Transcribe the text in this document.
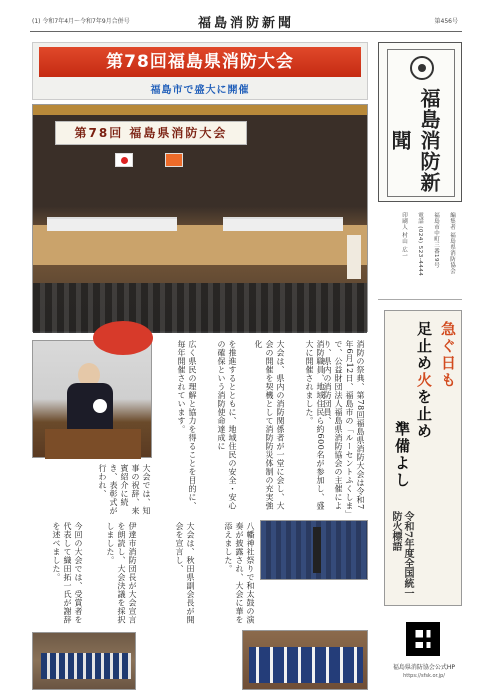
(1) 令和7年4月～令和7年9月合併号	福島消防新聞	第456号
第78回福島県消防大会
福島市で盛大に開催
第78回 福島県消防大会
消防の祭典、第78回福島県消防大会は令和7年6月12日、福島市の「ルーセントふくしま」で、公益財団法人福島県消防協会の主催により、県内の消防団員、
消防職員、地域住民ら約600名が参加し、盛大に開催されました。
大会は、県内の消防関係者が一堂に会し、大会の開催を契機として消防防災体制の充実強化
を推進するとともに、地域住民の安全・安心の確保という消防使命達成に
広く県民の理解と協力を得ることを目的に、毎年開催されています。
大会では、知事の祝辞、来賓紹介に続き、表彰式が行われ、
八幡神社祭りで和太鼓の演奏が披露され、大会に華を添えました。
大会は、秋田県副会長が開会を宣言し、
伊達市消防団長が大会宣言を朗読し、大会決議を採択しました。
今回の大会では、受賞者を代表して織田拓一氏が謝辞を述べました。
福島消防新聞
編集者 福島県消防協会
福島市中町三番19号
電話 (024) 523-4444
印刷人 村山 広一
急ぐ日も
足止め火を止め
準備よし
令和7年度全国統一防火標語
福島県消防協会公式HP
https://sfsk.or.jp/
